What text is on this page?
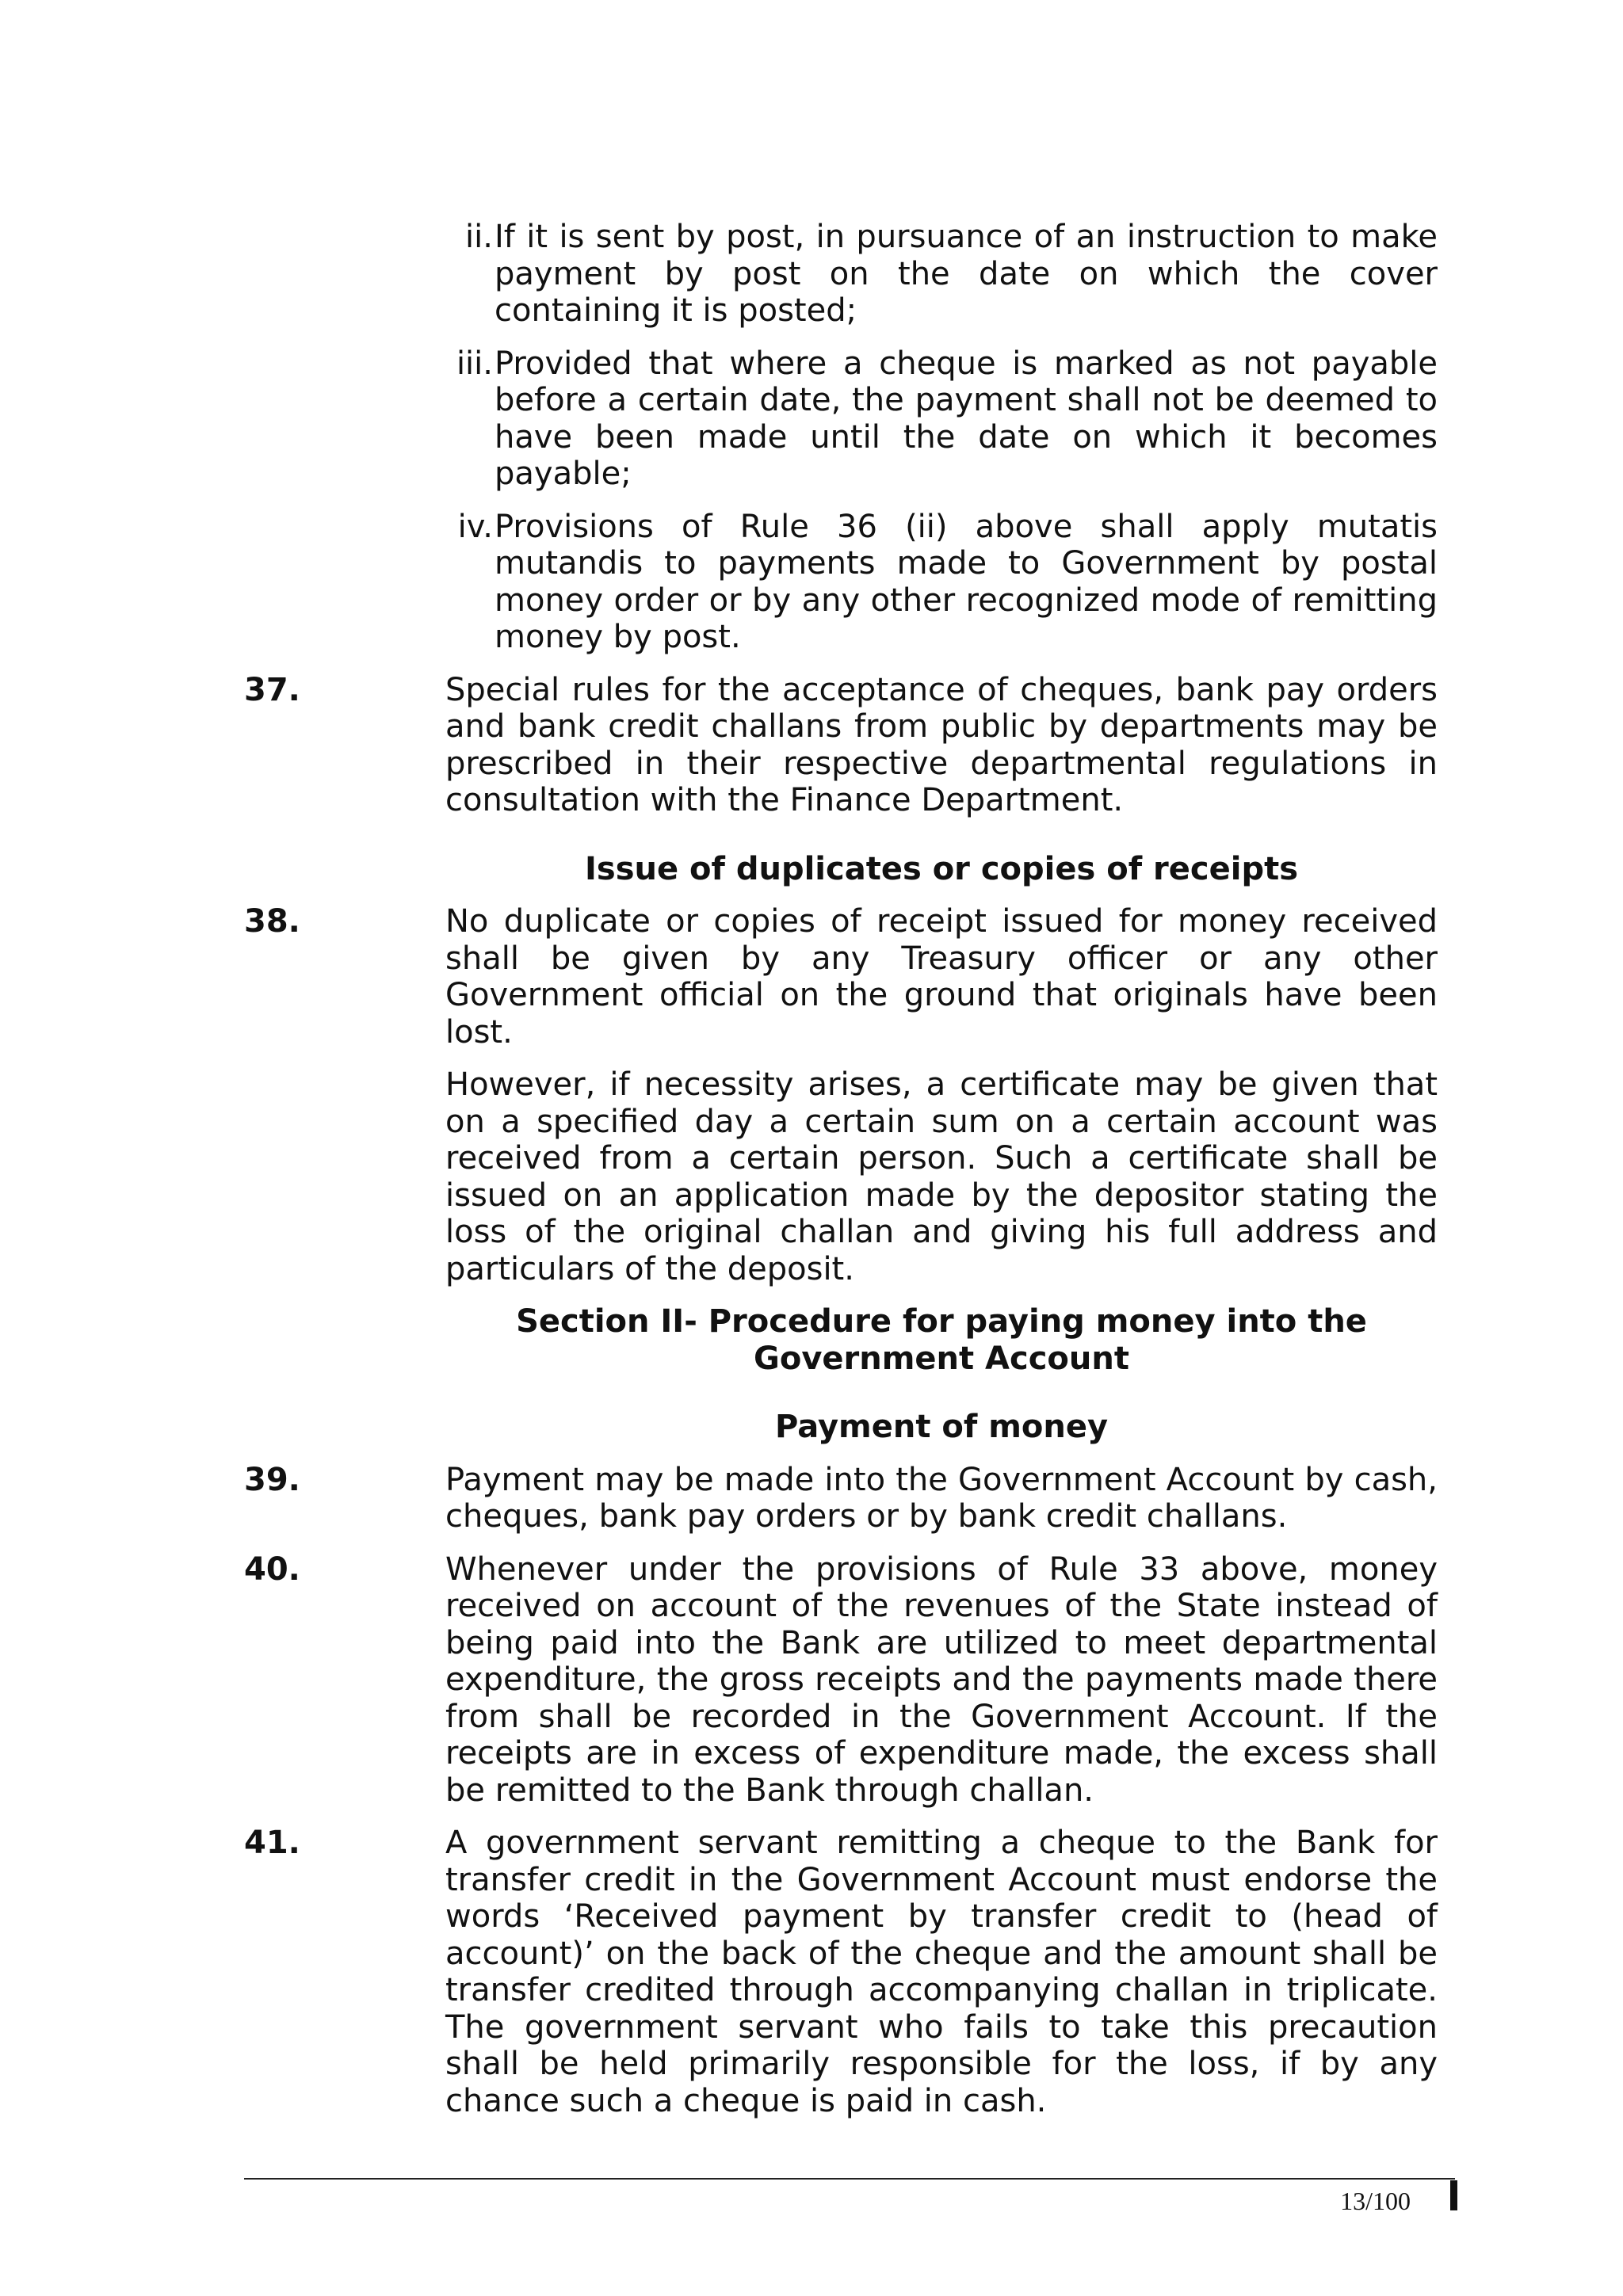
ii. If it is sent by post, in pursuance of an instruction to make payment by post on the date on which the cover containing it is posted;
iii. Provided that where a cheque is marked as not payable before a certain date, the payment shall not be deemed to have been made until the date on which it becomes payable;
iv. Provisions of Rule 36 (ii) above shall apply mutatis mutandis to payments made to Government by postal money order or by any other recognized mode of remitting money by post.
37.	Special rules for the acceptance of cheques, bank pay orders and bank credit challans from public by departments may be prescribed in their respective departmental regulations in consultation with the Finance Department.
Issue of duplicates or copies of receipts
38.	No duplicate or copies of receipt issued for money received shall be given by any Treasury officer or any other Government official on the ground that originals have been lost.
However, if necessity arises, a certificate may be given that on a specified day a certain sum on a certain account was received from a certain person. Such a certificate shall be issued on an application made by the depositor stating the loss of the original challan and giving his full address and particulars of the deposit.
Section II- Procedure for paying money into the
Government Account
Payment of money
39.	Payment may be made into the Government Account by cash, cheques, bank pay orders or by bank credit challans.
40.	Whenever under the provisions of Rule 33 above, money received on account of the revenues of the State instead of being paid into the Bank are utilized to meet departmental expenditure, the gross receipts and the payments made there from shall be recorded in the Government Account. If the receipts are in excess of expenditure made, the excess shall be remitted to the Bank through challan.
41.	A government servant remitting a cheque to the Bank for transfer credit in the Government Account must endorse the words ‘Received payment by transfer credit to (head of account)’ on the back of the cheque and the amount shall be transfer credited through accompanying challan in triplicate. The government servant who fails to take this precaution shall be held primarily responsible for the loss, if by any chance such a cheque is paid in cash.
13/100
